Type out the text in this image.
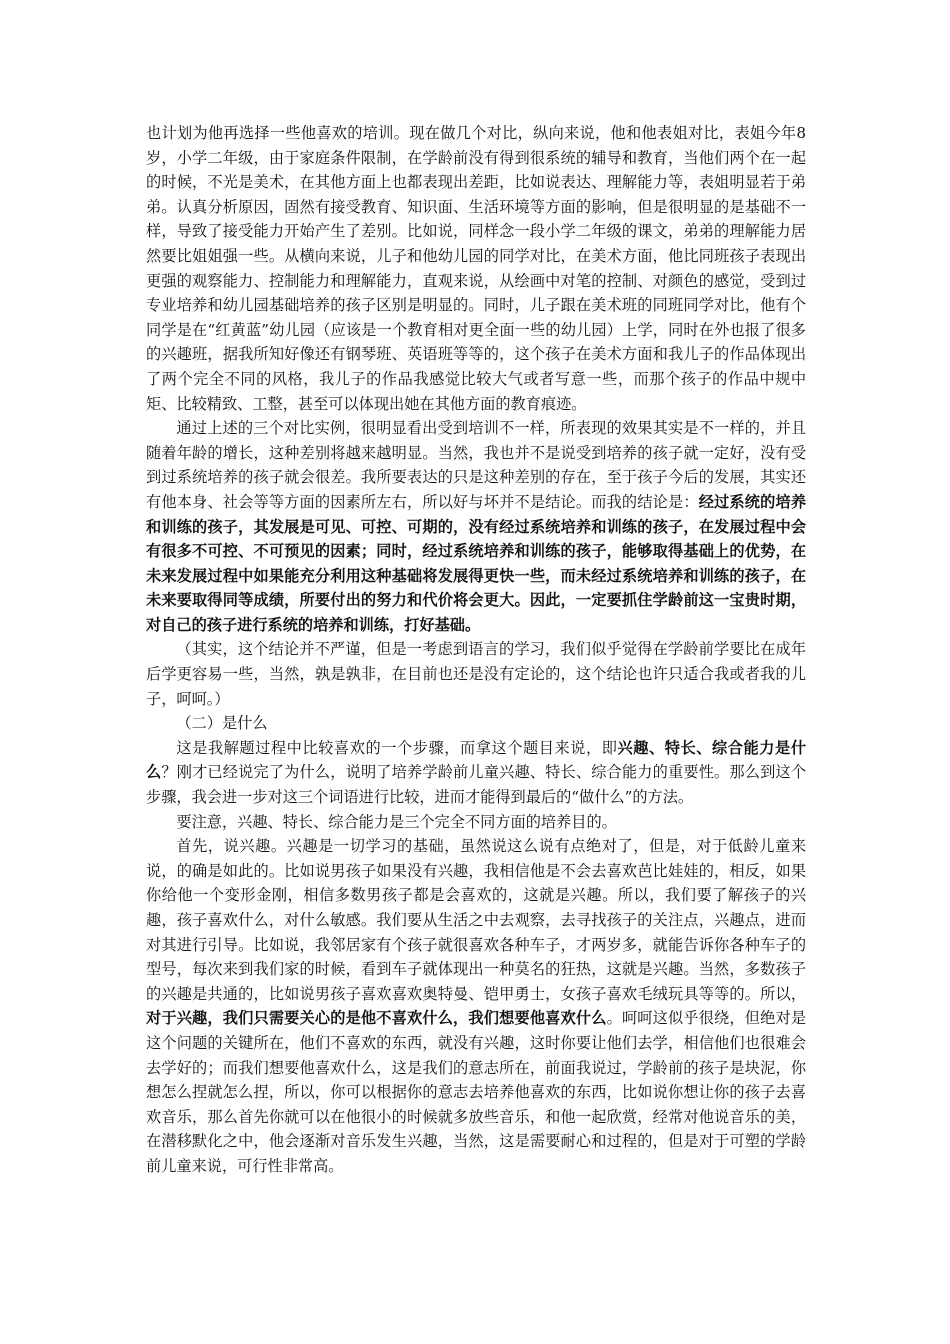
也计划为他再选择一些他喜欢的培训。现在做几个对比，纵向来说，他和他表姐对比，表姐今年8岁，小学二年级，由于家庭条件限制，在学龄前没有得到很系统的辅导和教育，当他们两个在一起的时候，不光是美术，在其他方面上也都表现出差距，比如说表达、理解能力等，表姐明显若于弟弟。认真分析原因，固然有接受教育、知识面、生活环境等方面的影响，但是很明显的是基础不一样，导致了接受能力开始产生了差别。比如说，同样念一段小学二年级的课文，弟弟的理解能力居然要比姐姐强一些。从横向来说，儿子和他幼儿园的同学对比，在美术方面，他比同班孩子表现出更强的观察能力、控制能力和理解能力，直观来说，从绘画中对笔的控制、对颜色的感觉，受到过专业培养和幼儿园基础培养的孩子区别是明显的。同时，儿子跟在美术班的同班同学对比，他有个同学是在“红黄蓝”幼儿园（应该是一个教育相对更全面一些的幼儿园）上学，同时在外也报了很多的兴趣班，据我所知好像还有钢琴班、英语班等等的，这个孩子在美术方面和我儿子的作品体现出了两个完全不同的风格，我儿子的作品我感觉比较大气或者写意一些，而那个孩子的作品中规中矩、比较精致、工整，甚至可以体现出她在其他方面的教育痕迹。

通过上述的三个对比实例，很明显看出受到培训不一样，所表现的效果其实是不一样的，并且随着年龄的增长，这种差别将越来越明显。当然，我也并不是说受到培养的孩子就一定好，没有受到过系统培养的孩子就会很差。我所要表达的只是这种差别的存在，至于孩子今后的发展，其实还有他本身、社会等等方面的因素所左右，所以好与坏并不是结论。而我的结论是：经过系统的培养和训练的孩子，其发展是可见、可控、可期的，没有经过系统培养和训练的孩子，在发展过程中会有很多不可控、不可预见的因素；同时，经过系统培养和训练的孩子，能够取得基础上的优势，在未来发展过程中如果能充分利用这种基础将发展得更快一些，而未经过系统培养和训练的孩子，在未来要取得同等成绩，所要付出的努力和代价将会更大。因此，一定要抓住学龄前这一宝贵时期，对自己的孩子进行系统的培养和训练，打好基础。

（其实，这个结论并不严谨，但是一考虑到语言的学习，我们似乎觉得在学龄前学要比在成年后学更容易一些，当然，孰是孰非，在目前也还是没有定论的，这个结论也许只适合我或者我的儿子，呵呵。）

（二）是什么

这是我解题过程中比较喜欢的一个步骤，而拿这个题目来说，即兴趣、特长、综合能力是什么？刚才已经说完了为什么，说明了培养学龄前儿童兴趣、特长、综合能力的重要性。那么到这个步骤，我会进一步对这三个词语进行比较，进而才能得到最后的“做什么”的方法。

要注意，兴趣、特长、综合能力是三个完全不同方面的培养目的。

首先，说兴趣。兴趣是一切学习的基础，虽然说这么说有点绝对了，但是，对于低龄儿童来说，的确是如此的。比如说男孩子如果没有兴趣，我相信他是不会去喜欢芭比娃娃的，相反，如果你给他一个变形金刚，相信多数男孩子都是会喜欢的，这就是兴趣。所以，我们要了解孩子的兴趣，孩子喜欢什么，对什么敏感。我们要从生活之中去观察，去寻找孩子的关注点，兴趣点，进而对其进行引导。比如说，我邻居家有个孩子就很喜欢各种车子，才两岁多，就能告诉你各种车子的型号，每次来到我们家的时候，看到车子就体现出一种莫名的狂热，这就是兴趣。当然，多数孩子的兴趣是共通的，比如说男孩子喜欢喜欢奥特曼、铠甲勇士，女孩子喜欢毛绒玩具等等的。所以，对于兴趣，我们只需要关心的是他不喜欢什么，我们想要他喜欢什么。呵呵这似乎很绕，但绝对是这个问题的关键所在，他们不喜欢的东西，就没有兴趣，这时你要让他们去学，相信他们也很难会去学好的；而我们想要他喜欢什么，这是我们的意志所在，前面我说过，学龄前的孩子是块泥，你想怎么捏就怎么捏，所以，你可以根据你的意志去培养他喜欢的东西，比如说你想让你的孩子去喜欢音乐，那么首先你就可以在他很小的时候就多放些音乐，和他一起欣赏，经常对他说音乐的美，在潜移默化之中，他会逐渐对音乐发生兴趣，当然，这是需要耐心和过程的，但是对于可塑的学龄前儿童来说，可行性非常高。
